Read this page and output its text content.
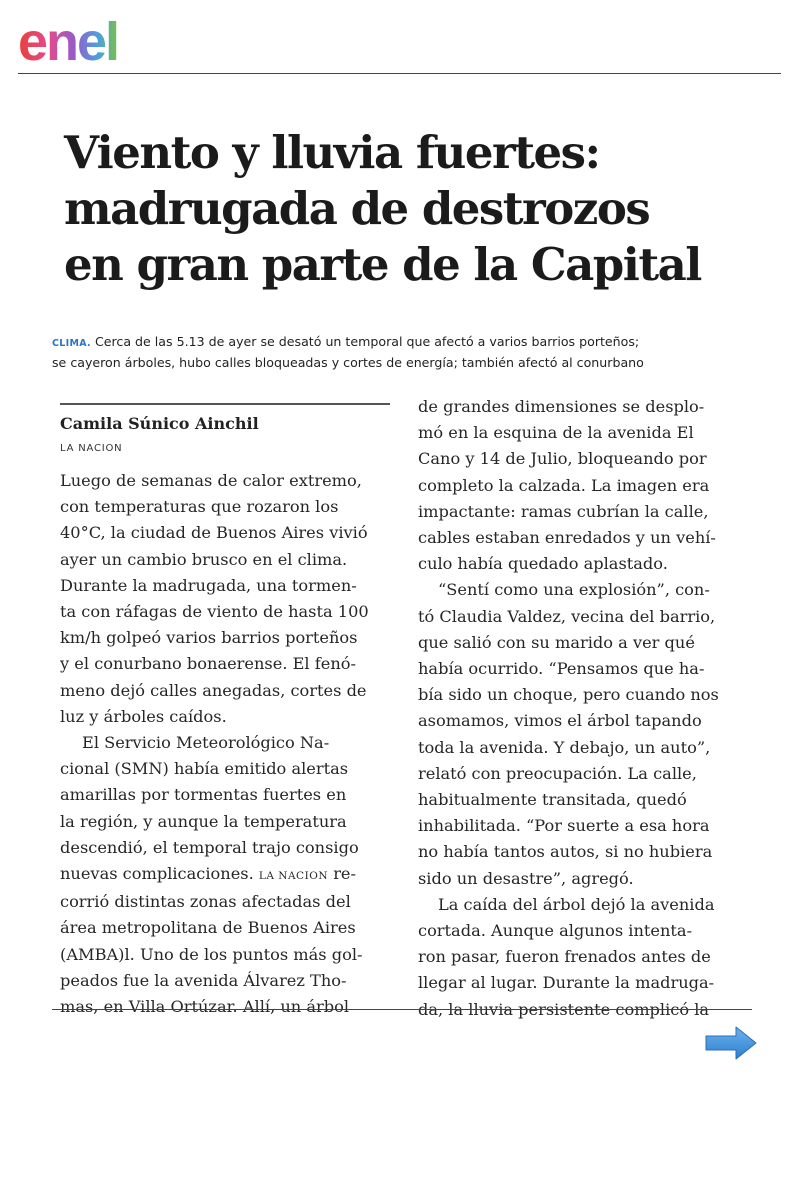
enel
Viento y lluvia fuertes:
madrugada de destrozos
en gran parte de la Capital
CLIMA. Cerca de las 5.13 de ayer se desató un temporal que afectó a varios barrios porteños;
se cayeron árboles, hubo calles bloqueadas y cortes de energía; también afectó al conurbano

Camila Súnico Ainchil

LA NACION
Luego de semanas de calor extremo,
con temperaturas que rozaron los
40°C, la ciudad de Buenos Aires vivió
ayer un cambio brusco en el clima.
Durante la madrugada, una tormen-
ta con ráfagas de viento de hasta 100
km/h golpeó varios barrios porteños
y el conurbano bonaerense. El fenó-
meno dejó calles anegadas, cortes de
luz y árboles caídos.
El Servicio Meteorológico Na-
cional (SMN) había emitido alertas
amarillas por tormentas fuertes en
la región, y aunque la temperatura
descendió, el temporal trajo consigo
nuevas complicaciones. LA NACION re-
corrió distintas zonas afectadas del
área metropolitana de Buenos Aires
(AMBA)l. Uno de los puntos más gol-
peados fue la avenida Álvarez Tho-
mas, en Villa Ortúzar. Allí, un árbol
de grandes dimensiones se desplo-
mó en la esquina de la avenida El
Cano y 14 de Julio, bloqueando por
completo la calzada. La imagen era
impactante: ramas cubrían la calle,
cables estaban enredados y un vehí-
culo había quedado aplastado.
“Sentí como una explosión”, con-
tó Claudia Valdez, vecina del barrio,
que salió con su marido a ver qué
había ocurrido. “Pensamos que ha-
bía sido un choque, pero cuando nos
asomamos, vimos el árbol tapando
toda la avenida. Y debajo, un auto”,
relató con preocupación. La calle,
habitualmente transitada, quedó
inhabilitada. “Por suerte a esa hora
no había tantos autos, si no hubiera
sido un desastre”, agregó.
La caída del árbol dejó la avenida
cortada. Aunque algunos intenta-
ron pasar, fueron frenados antes de
llegar al lugar. Durante la madruga-
da, la lluvia persistente complicó la
